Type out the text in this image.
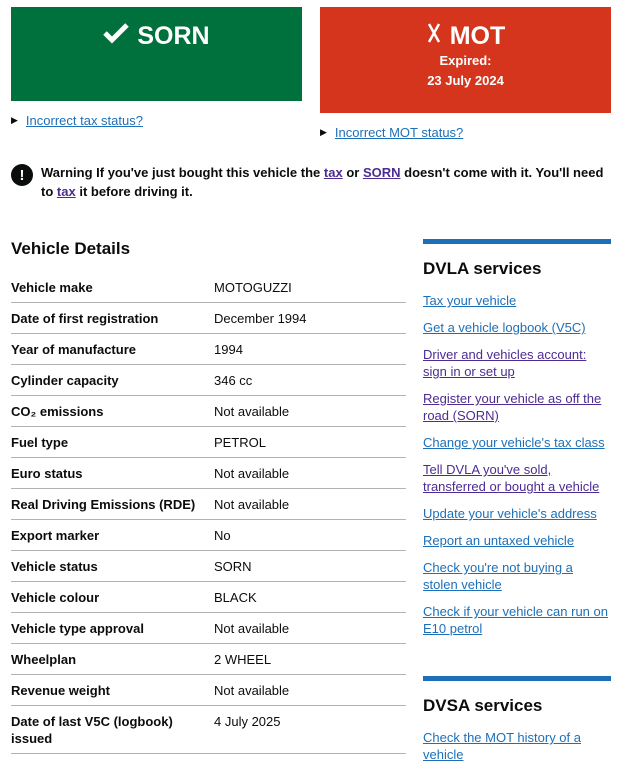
SORN	MOT
Expired:
23 July 2024
▶ Incorrect tax status?
▶ Incorrect MOT status?
!	Warning If you've just bought this vehicle the tax or SORN doesn't come with it. You'll need to tax it before driving it.
Vehicle Details
Vehicle make	MOTOGUZZI
Date of first registration	December 1994
Year of manufacture	1994
Cylinder capacity	346 cc
CO₂ emissions	Not available
Fuel type	PETROL
Euro status	Not available
Real Driving Emissions (RDE)	Not available
Export marker	No
Vehicle status	SORN
Vehicle colour	BLACK
Vehicle type approval	Not available
Wheelplan	2 WHEEL
Revenue weight	Not available
Date of last V5C (logbook) issued	4 July 2025
DVLA services
Tax your vehicle
Get a vehicle logbook (V5C)
Driver and vehicles account: sign in or set up
Register your vehicle as off the road (SORN)
Change your vehicle's tax class
Tell DVLA you've sold, transferred or bought a vehicle
Update your vehicle's address
Report an untaxed vehicle
Check you're not buying a stolen vehicle
Check if your vehicle can run on E10 petrol
DVSA services
Check the MOT history of a vehicle
